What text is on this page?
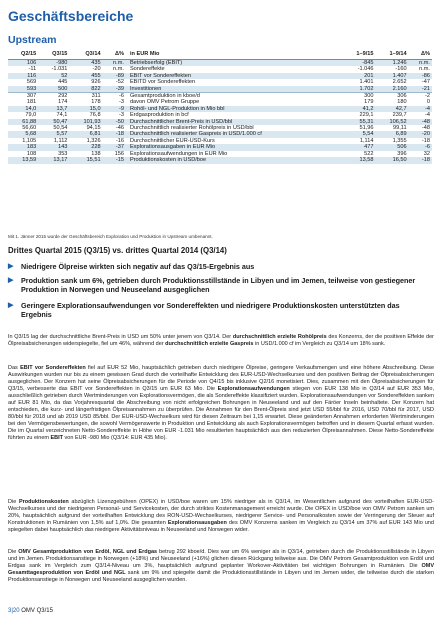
Geschäftsbereiche
Upstream
Q2/15	Q3/15	Q3/14	Δ%	in EUR Mio	1–9/15	1–9/14	Δ%
106	-980	435	n.m.	Betriebserfolg (EBIT)	-845	1.246	n.m.
-11	-1.031	-20	n.m.	Sondereffekte	-1.046	-160	n.m.
116	52	455	-89	EBIT vor Sondereffekten	201	1.407	-86
569	445	926	-52	EBITD vor Sondereffekten	1.401	2.652	-47
593	500	822	-39	Investitionen	1.702	2.160	-21
307	292	311	-6	Gesamtproduktion in kboe/d	300	306	-2
181	174	178	-3	davon OMV Petrom Gruppe	179	180	0
14,0	13,7	15,0	-9	Rohöl- und NGL-Produktion in Mio bbl	41,2	42,7	-4
79,0	74,1	76,8	-3	Erdgasproduktion in bcf	229,1	239,7	-4
61,88	50,47	101,93	-50	Durchschnittlicher Brent-Preis in USD/bbl	55,31	106,52	-48
56,60	50,54	94,15	-46	Durchschnittlich realisierter Rohölpreis in USD/bbl	51,96	99,11	-48
5,68	5,57	6,81	-18	Durchschnittlich realisierter Gaspreis in USD/1.000 cf	5,54	6,89	-20
1,105	1,112	1,326	-16	Durchschnittlicher EUR-USD-Kurs	1,114	1,355	-18
183	143	228	-37	Explorationsausgaben in EUR Mio	477	506	-6
108	353	138	156	Explorationsaufwendungen in EUR Mio	522	396	32
13,59	13,17	15,51	-15	Produktionskosten in USD/boe	13,58	16,50	-18
Mit 1. Jänner 2015 wurde der Geschäftsbereich Exploration und Produktion in Upstream umbenannt.
Drittes Quartal 2015 (Q3/15) vs. drittes Quartal 2014 (Q3/14)
▶ Niedrigere Ölpreise wirkten sich negativ auf das Q3/15-Ergebnis aus
▶ Produktion sank um 6%, getrieben durch Produktionsstillstände in Libyen und im Jemen, teilweise von gestiegener Produktion in Norwegen und Neuseeland ausgeglichen
▶ Geringere Explorationsaufwendungen vor Sondereffekten und niedrigere Produktionskosten unterstützten das Ergebnis
In Q3/15 lag der durchschnittliche Brent-Preis in USD um 50% unter jenem von Q3/14. Der durchschnittlich erzielte Rohölpreis des Konzerns, der die positiven Effekte der Ölpreisabsicherungen widerspiegelte, fiel um 46%, während der durchschnittlich erzielte Gaspreis in USD/1.000 cf im Vergleich zu Q3/14 um 18% sank.
Das EBIT vor Sondereffekten fiel auf EUR 52 Mio, hauptsächlich getrieben durch niedrigere Ölpreise, geringere Verkaufsmengen und eine höhere Abschreibung. Diese Auswirkungen wurden nur bis zu einem gewissen Grad durch die vorteilhafte Entwicklung des EUR-USD-Wechselkurses und den positiven Beitrag der Ölpreisabsicherungen ausgeglichen. Der Konzern hat seine Ölpreisabsicherungen für die Periode von Q4/15 bis inklusive Q2/16 monetisiert. Dies, zusammen mit den Ölpreisabsicherungen für Q3/15, verbesserte das EBIT vor Sondereffekten in Q3/15 um EUR 63 Mio. Die Explorationsaufwendungen stiegen von EUR 138 Mio in Q3/14 auf EUR 353 Mio, ausschließlich getrieben durch Wertminderungen von Explorationsvermögen, die als Sondereffekte klassifiziert wurden. Explorationsaufwendungen vor Sondereffekten sanken auf EUR 81 Mio, da das Vorjahresquartal die Abschreibung von nicht erfolgreichen Bohrungen in Neuseeland und auf den Färöer Inseln beinhaltete. Der Konzern hat entschieden, die kurz- und längerfristigen Ölpreisannahmen zu überprüfen. Die Annahmen für den Brent-Ölpreis sind jetzt USD 55/bbl für 2016, USD 70/bbl für 2017, USD 80/bbl für 2018 und ab 2019 USD 85/bbl. Der EUR-USD-Wechselkurs wird für diesen Zeitraum bei 1,15 erwartet. Diese geänderten Annahmen erforderten Wertminderungen bei den Vermögensbewertungen, die sowohl Vermögenswerte in Produktion und Entwicklung als auch Explorationsvermögen betroffen und in diesem Quartal erfasst wurden. Die im Quartal verzeichneten Netto-Sondereffekte in Höhe von EUR -1.031 Mio resultierten hauptsächlich aus den reduzierten Ölpreisannahmen. Diese Netto-Sondereffekte führten zu einem EBIT von EUR -980 Mio (Q3/14: EUR 435 Mio).
Die Produktionskosten abzüglich Lizenzgebühren (OPEX) in USD/boe waren um 15% niedriger als in Q3/14, im Wesentlichen aufgrund des vorteilhaften EUR-USD-Wechselkurses und der niedrigeren Personal- und Servicekosten, der durch striktes Kostenmanagement erreicht wurde. Die OPEX in USD/boe von OMV Petrom sanken um 20%, hauptsächlich aufgrund der vorteilhaften Entwicklung des RON-USD-Wechselkurses, niedrigerer Service- und Personalkosten sowie der Verringerung der Steuer auf Konstruktionen in Rumänien von 1,5% auf 1,0%. Die gesamten Explorationsausgaben des OMV Konzerns sanken im Vergleich zu Q3/14 um 37% auf EUR 143 Mio und spiegelten dabei hauptsächlich das niedrigere Aktivitätsniveau in Neuseeland und Norwegen wider.
Die OMV Gesamtproduktion von Erdöl, NGL und Erdgas betrug 292 kboe/d. Dies war um 6% weniger als in Q3/14, getrieben durch die Produktionsstillstände in Libyen und im Jemen. Produktionsanstiege in Norwegen (+18%) und Neuseeland (+16%) glichen diesen Rückgang teilweise aus. Die OMV Petrom Gesamtproduktion von Erdöl und Erdgas sank im Vergleich zum Q3/14-Niveau um 3%, hauptsächlich aufgrund geplanter Workover-Aktivitäten bei wichtigen Bohrungen in Rumänien. Die OMV Gesamttagesproduktion von Erdöl und NGL sank um 9% und spiegelte damit die Produktionsstillstände in Libyen und im Jemen wider, die teilweise durch die starken Produktionsanstiege in Norwegen und Neuseeland ausgeglichen wurden.
3|20 OMV Q3/15
